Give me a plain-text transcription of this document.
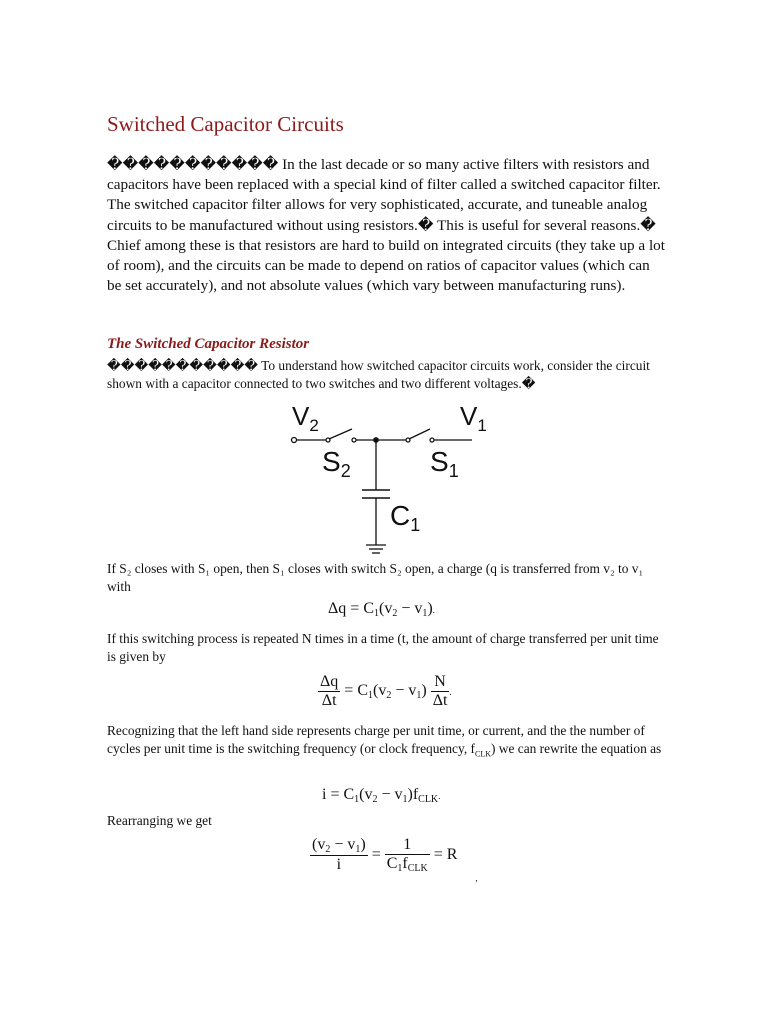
Switched Capacitor Circuits

����������� In the last decade or so many active filters with resistors and capacitors have been replaced with a special kind of filter called a switched capacitor filter. The switched capacitor filter allows for very sophisticated, accurate, and tuneable analog circuits to be manufactured without using resistors.� This is useful for several reasons.� Chief among these is that resistors are hard to build on integrated circuits (they take up a lot of room), and the circuits can be made to depend on ratios of capacitor values (which can be set accurately), and not absolute values (which vary between manufacturing runs).

The Switched Capacitor Resistor

����������� To understand how switched capacitor circuits work, consider the circuit shown with a capacitor connected to two switches and two different voltages.�

$V_2$	$V_1$
$S_2$	$S_1$
$C_1$

If S₂ closes with S₁ open, then S₁ closes with switch S₂ open, a charge (q is transferred from v₂ to v₁ with

$\Delta q = C_1(v_2 - v_1)$.

If this switching process is repeated N times in a time (t, the amount of charge transferred per unit time is given by

$\frac{\Delta q}{\Delta t} = C_1(v_2 - v_1) \frac{N}{\Delta t}$ .

Recognizing that the left hand side represents charge per unit time, or current, and the the number of cycles per unit time is the switching frequency (or clock frequency, $f_{CLK}$) we can rewrite the equation as

$i = C_1(v_2 - v_1)f_{CLK}$.

Rearranging we get

$\frac{(v_2 - v_1)}{i} = \frac{1}{C_1f_{CLK}} = R$ ,
